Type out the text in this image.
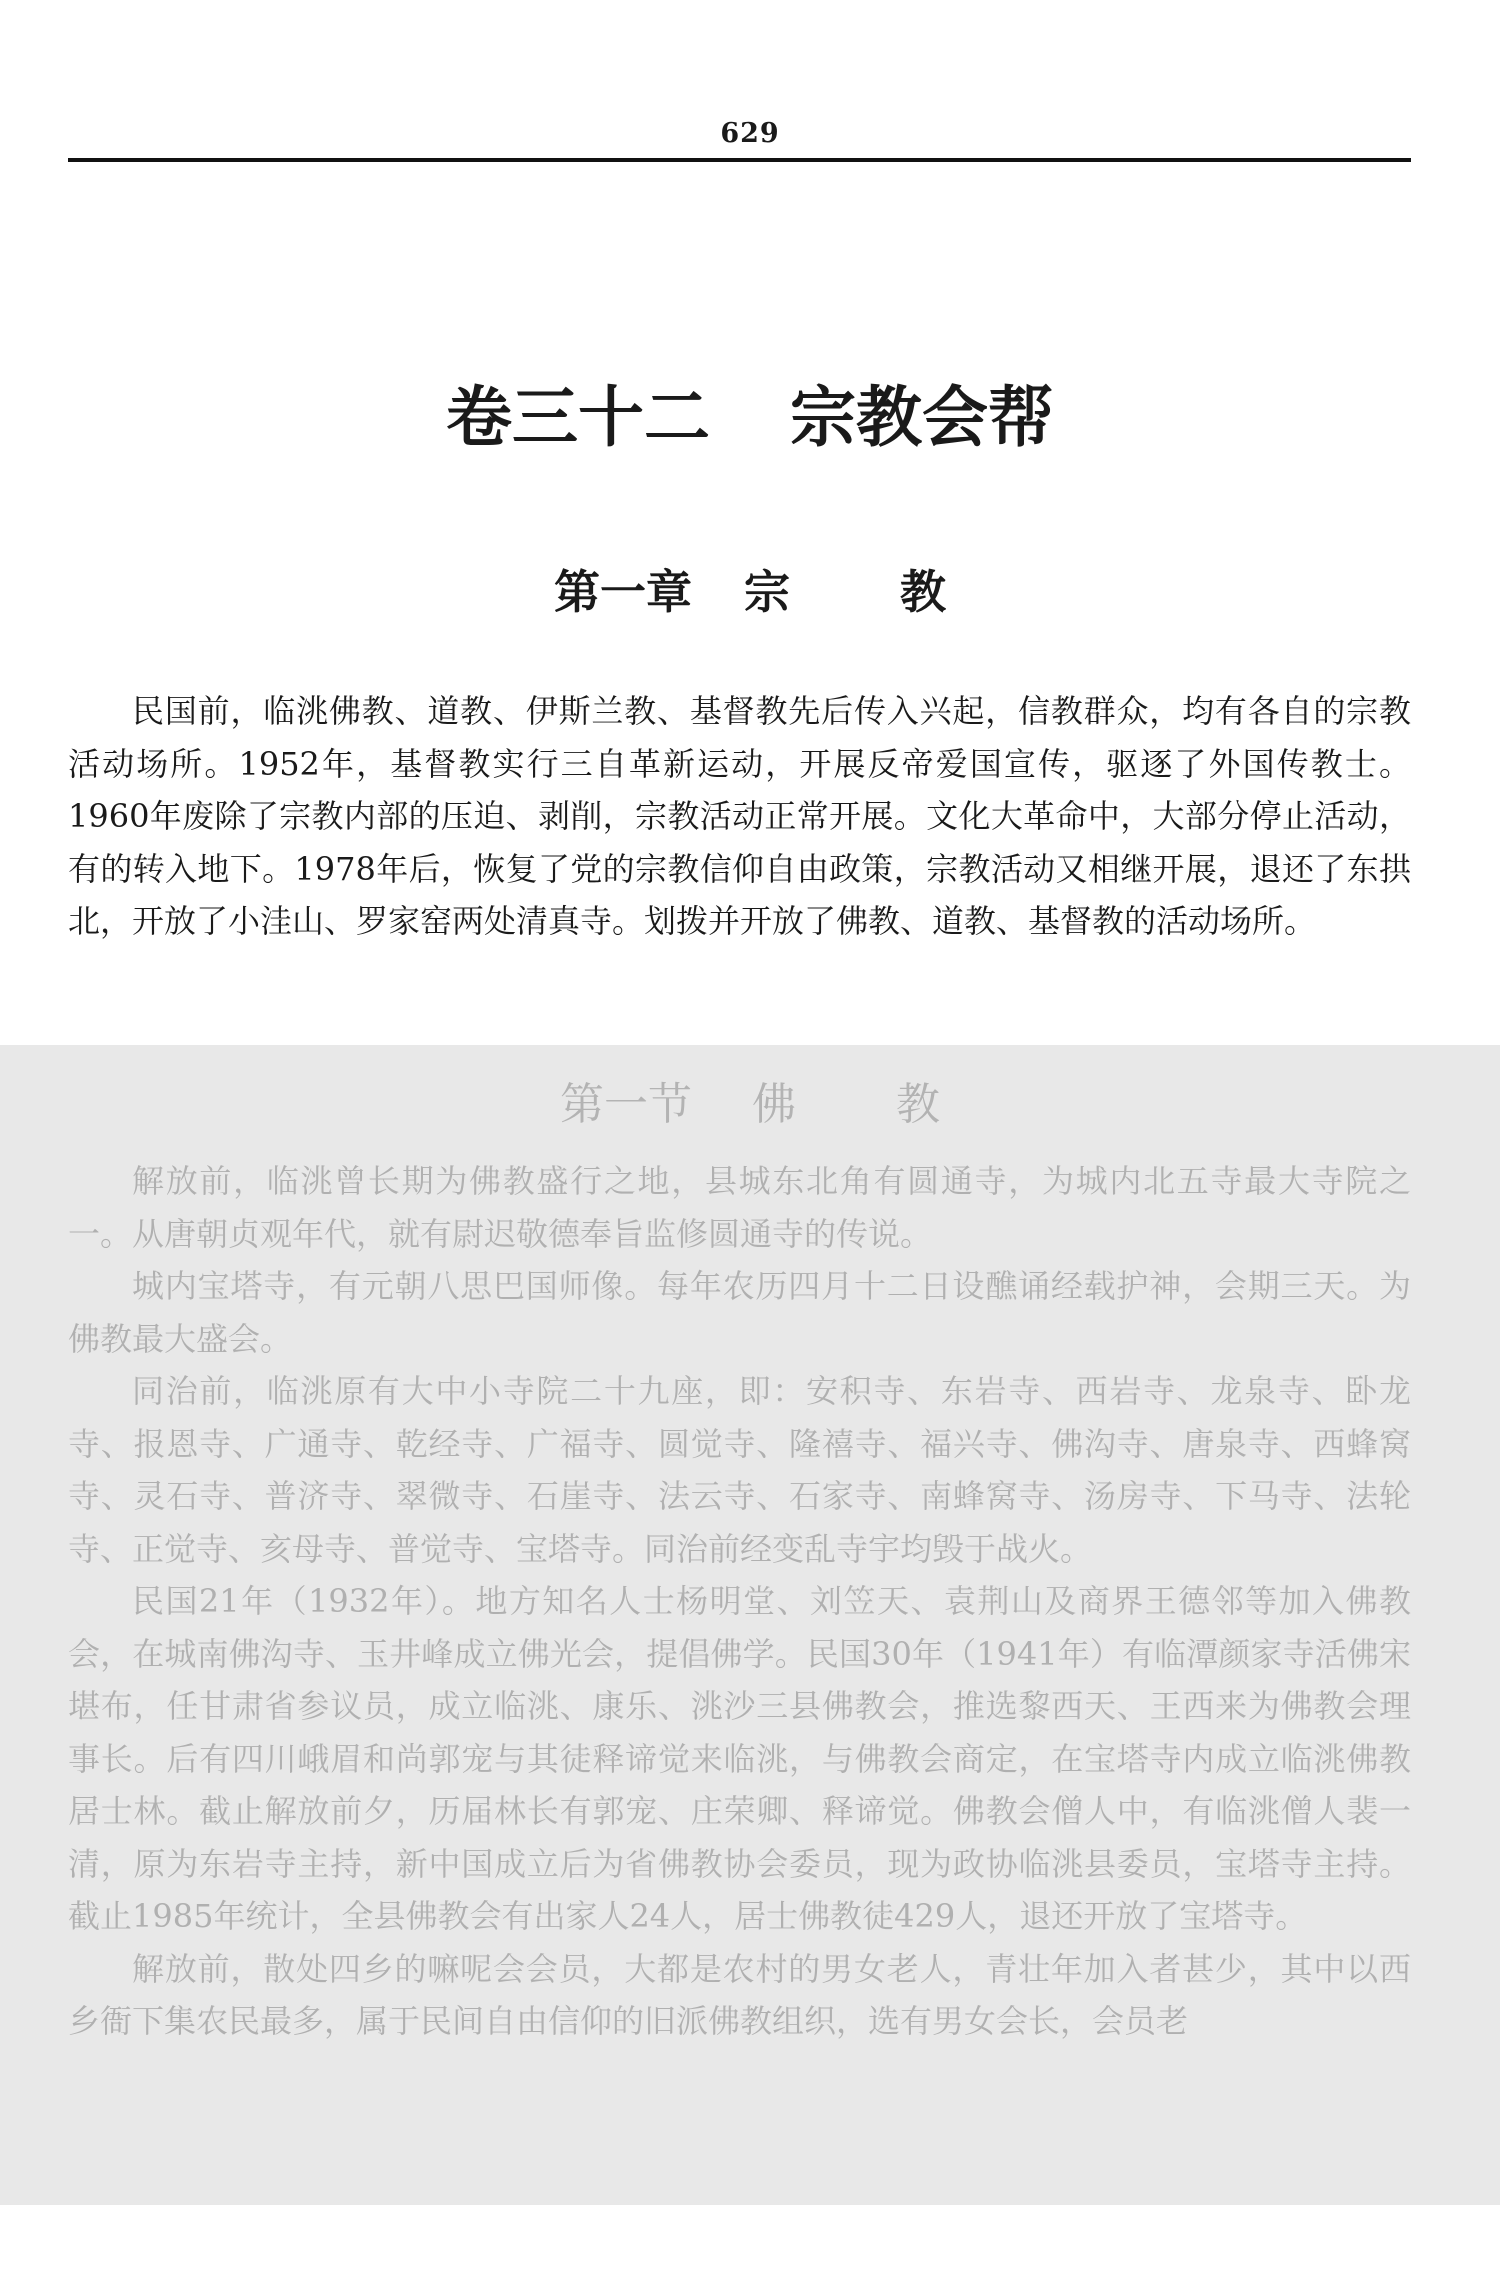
629
卷三十二 宗教会帮
第一章 宗 教

民国前，临洮佛教、道教、伊斯兰教、基督教先后传入兴起，信教群众，均有各自的宗教活动场所。1952年，基督教实行三自革新运动，开展反帝爱国宣传，驱逐了外国传教士。1960年废除了宗教内部的压迫、剥削，宗教活动正常开展。文化大革命中，大部分停止活动，有的转入地下。1978年后，恢复了党的宗教信仰自由政策，宗教活动又相继开展，退还了东拱北，开放了小洼山、罗家窑两处清真寺。划拨并开放了佛教、道教、基督教的活动场所。

第一节 佛 教

解放前，临洮曾长期为佛教盛行之地，县城东北角有圆通寺，为城内北五寺最大寺院之一。从唐朝贞观年代，就有尉迟敬德奉旨监修圆通寺的传说。

城内宝塔寺，有元朝八思巴国师像。每年农历四月十二日设醮诵经载护神，会期三天。为佛教最大盛会。

同治前，临洮原有大中小寺院二十九座，即：安积寺、东岩寺、西岩寺、龙泉寺、卧龙寺、报恩寺、广通寺、乾经寺、广福寺、圆觉寺、隆禧寺、福兴寺、佛沟寺、唐泉寺、西蜂窝寺、灵石寺、普济寺、翠微寺、石崖寺、法云寺、石家寺、南蜂窝寺、汤房寺、下马寺、法轮寺、正觉寺、亥母寺、普觉寺、宝塔寺。同治前经变乱寺宇均毁于战火。

民国21年（1932年）。地方知名人士杨明堂、刘笠天、袁荆山及商界王德邻等加入佛教会，在城南佛沟寺、玉井峰成立佛光会，提倡佛学。民国30年（1941年）有临潭颜家寺活佛宋堪布，任甘肃省参议员，成立临洮、康乐、洮沙三县佛教会，推选黎西天、王西来为佛教会理事长。后有四川峨眉和尚郭宠与其徒释谛觉来临洮，与佛教会商定，在宝塔寺内成立临洮佛教居士林。截止解放前夕，历届林长有郭宠、庄荣卿、释谛觉。佛教会僧人中，有临洮僧人裴一清，原为东岩寺主持，新中国成立后为省佛教协会委员，现为政协临洮县委员，宝塔寺主持。截止1985年统计，全县佛教会有出家人24人，居士佛教徒429人，退还开放了宝塔寺。

解放前，散处四乡的嘛呢会会员，大都是农村的男女老人，青壮年加入者甚少，其中以西乡衙下集农民最多，属于民间自由信仰的旧派佛教组织，选有男女会长，会员老
